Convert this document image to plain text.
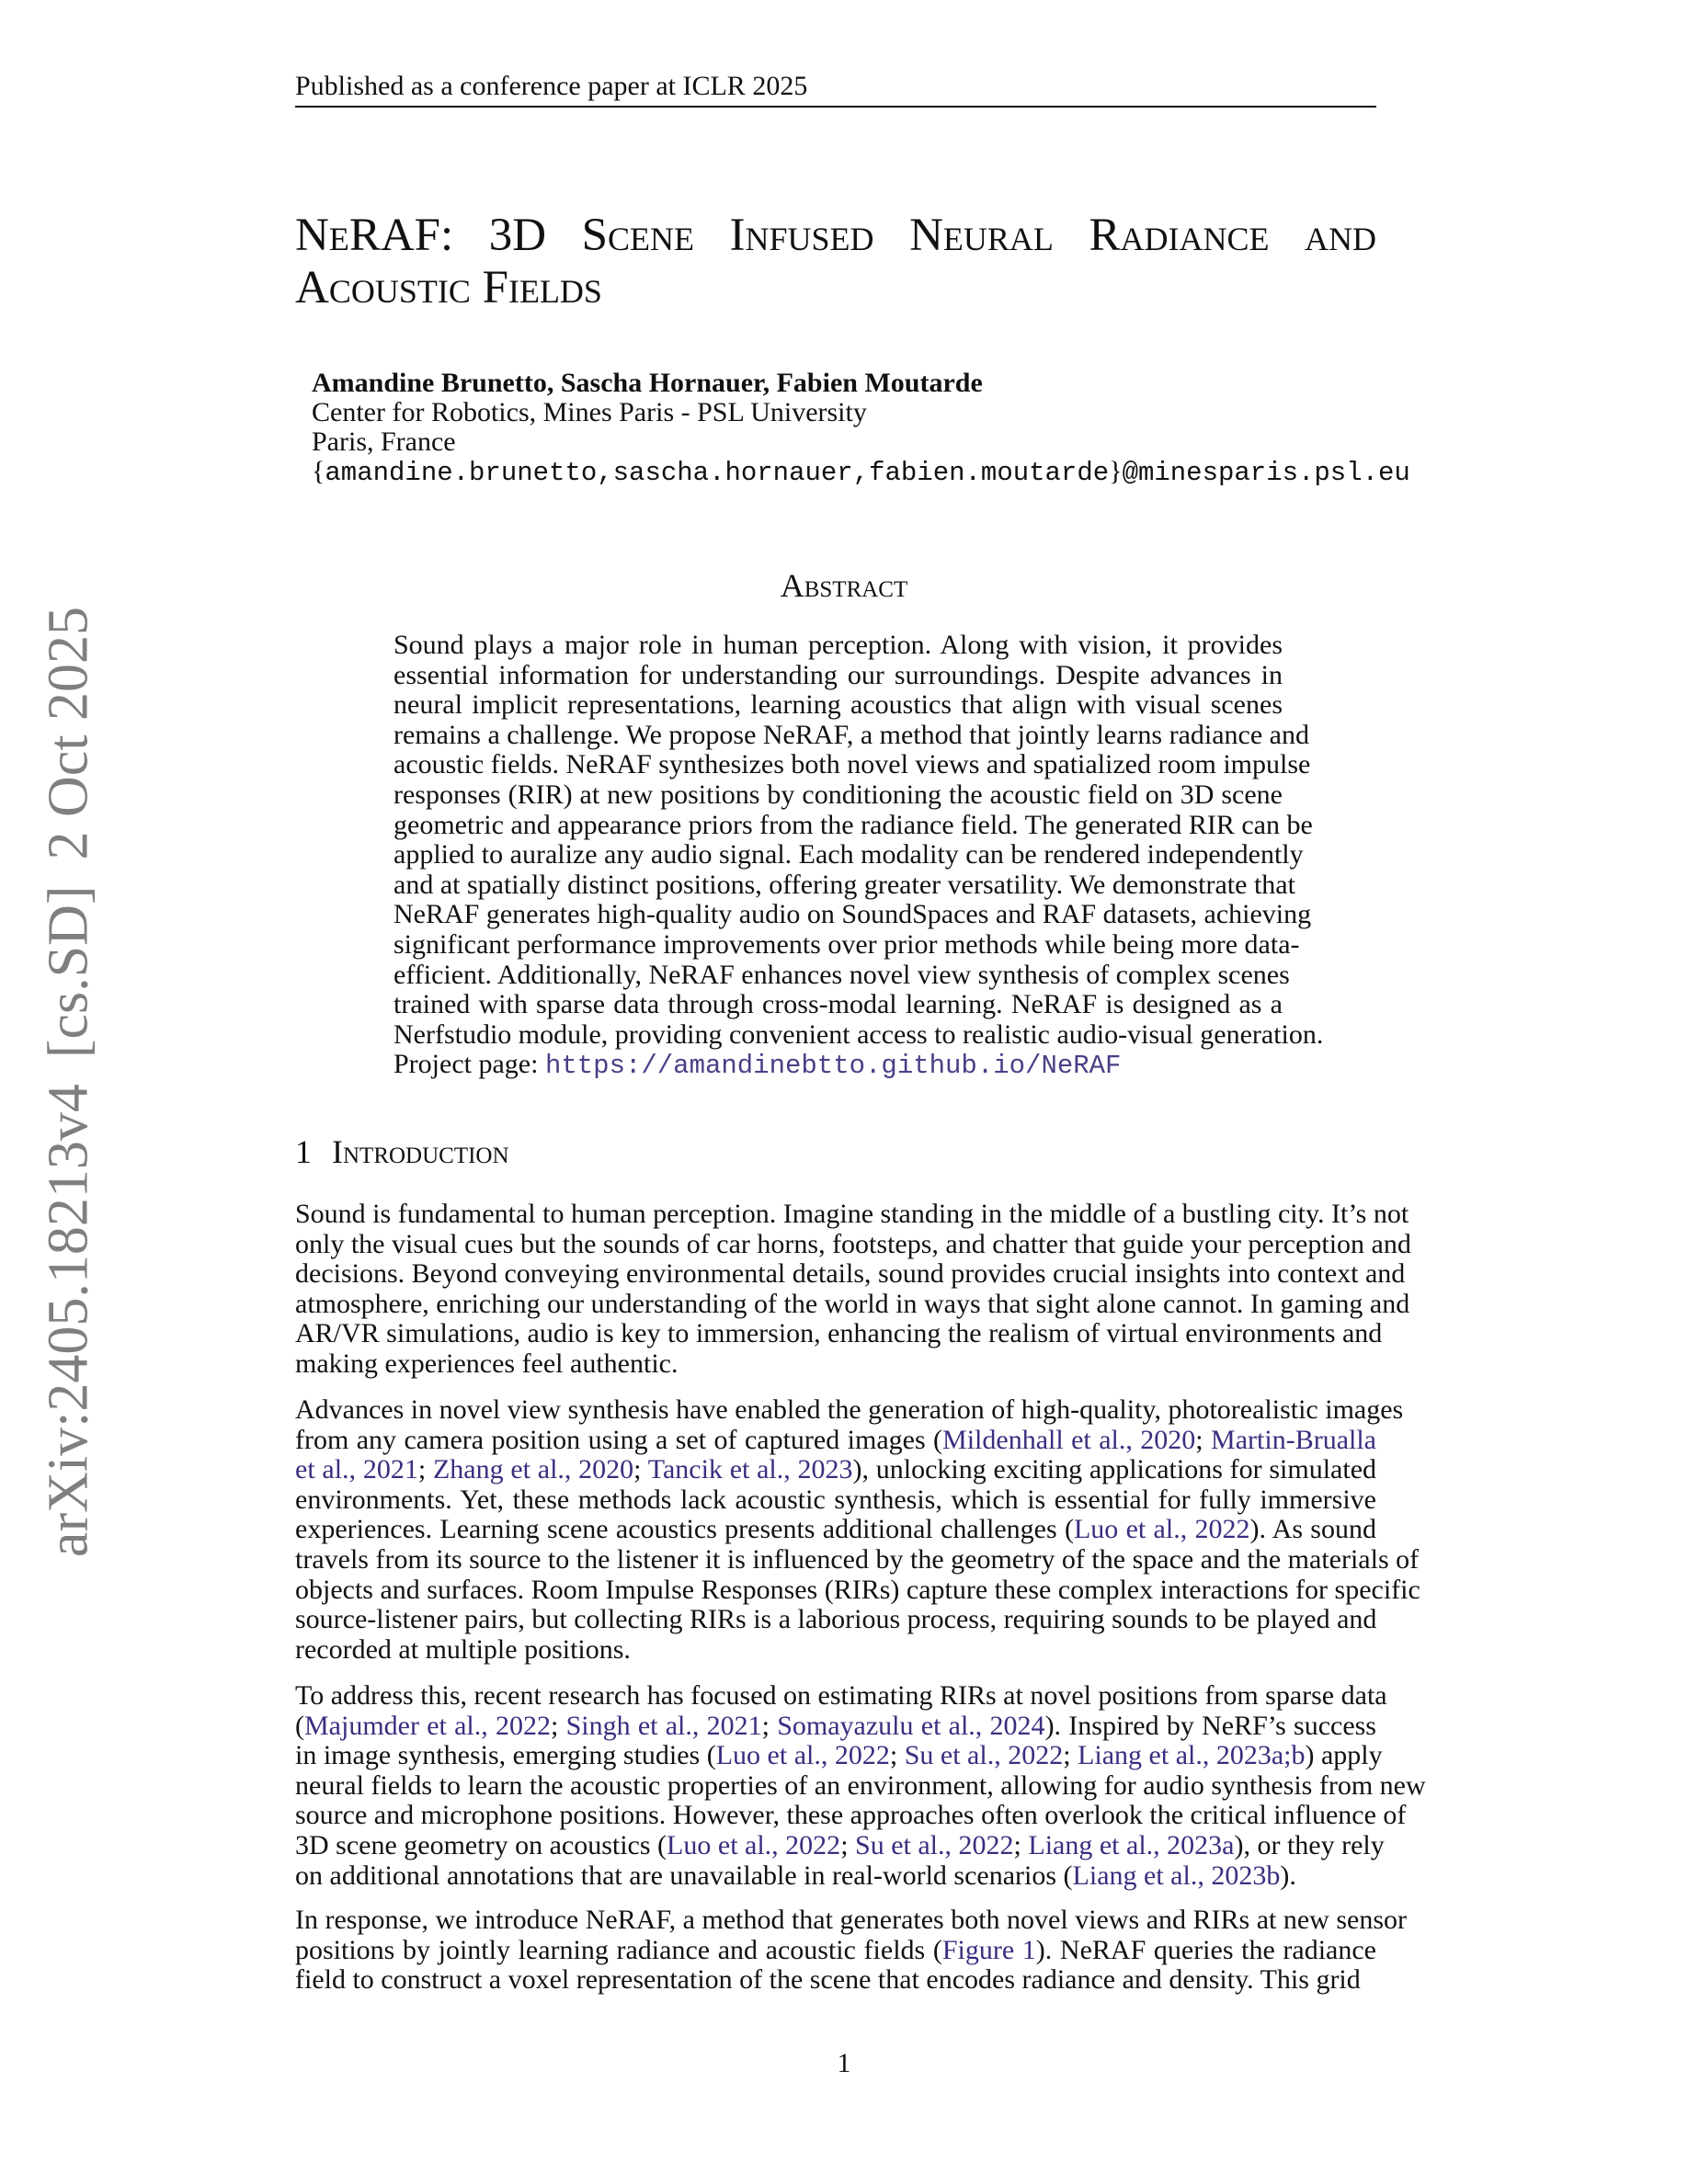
Published as a conference paper at ICLR 2025
arXiv:2405.18213v4[cs.SD]2 Oct 2025
NeRAF: 3D Scene Infused Neural Radiance and
Acoustic Fields
Amandine Brunetto, Sascha Hornauer, Fabien Moutarde
Center for Robotics, Mines Paris - PSL University
Paris, France
{amandine.brunetto,sascha.hornauer,fabien.moutarde}@minesparis.psl.eu
Abstract
Sound plays a major role in human perception. Along with vision, it provides
essential information for understanding our surroundings. Despite advances in
neural implicit representations, learning acoustics that align with visual scenes
remains a challenge. We propose NeRAF, a method that jointly learns radiance and
acoustic fields. NeRAF synthesizes both novel views and spatialized room impulse
responses (RIR) at new positions by conditioning the acoustic field on 3D scene
geometric and appearance priors from the radiance field. The generated RIR can be
applied to auralize any audio signal. Each modality can be rendered independently
and at spatially distinct positions, offering greater versatility. We demonstrate that
NeRAF generates high-quality audio on SoundSpaces and RAF datasets, achieving
significant performance improvements over prior methods while being more data-
efficient. Additionally, NeRAF enhances novel view synthesis of complex scenes
trained with sparse data through cross-modal learning. NeRAF is designed as a
Nerfstudio module, providing convenient access to realistic audio-visual generation.
Project page: https://amandinebtto.github.io/NeRAF
1 Introduction
Sound is fundamental to human perception. Imagine standing in the middle of a bustling city. It’s not
only the visual cues but the sounds of car horns, footsteps, and chatter that guide your perception and
decisions. Beyond conveying environmental details, sound provides crucial insights into context and
atmosphere, enriching our understanding of the world in ways that sight alone cannot. In gaming and
AR/VR simulations, audio is key to immersion, enhancing the realism of virtual environments and
making experiences feel authentic.
Advances in novel view synthesis have enabled the generation of high-quality, photorealistic images
from any camera position using a set of captured images (Mildenhall et al., 2020; Martin-Brualla
et al., 2021; Zhang et al., 2020; Tancik et al., 2023), unlocking exciting applications for simulated
environments. Yet, these methods lack acoustic synthesis, which is essential for fully immersive
experiences. Learning scene acoustics presents additional challenges (Luo et al., 2022). As sound
travels from its source to the listener it is influenced by the geometry of the space and the materials of
objects and surfaces. Room Impulse Responses (RIRs) capture these complex interactions for specific
source-listener pairs, but collecting RIRs is a laborious process, requiring sounds to be played and
recorded at multiple positions.
To address this, recent research has focused on estimating RIRs at novel positions from sparse data
(Majumder et al., 2022; Singh et al., 2021; Somayazulu et al., 2024). Inspired by NeRF’s success
in image synthesis, emerging studies (Luo et al., 2022; Su et al., 2022; Liang et al., 2023a;b) apply
neural fields to learn the acoustic properties of an environment, allowing for audio synthesis from new
source and microphone positions. However, these approaches often overlook the critical influence of
3D scene geometry on acoustics (Luo et al., 2022; Su et al., 2022; Liang et al., 2023a), or they rely
on additional annotations that are unavailable in real-world scenarios (Liang et al., 2023b).
In response, we introduce NeRAF, a method that generates both novel views and RIRs at new sensor
positions by jointly learning radiance and acoustic fields (Figure 1). NeRAF queries the radiance
field to construct a voxel representation of the scene that encodes radiance and density. This grid
1
